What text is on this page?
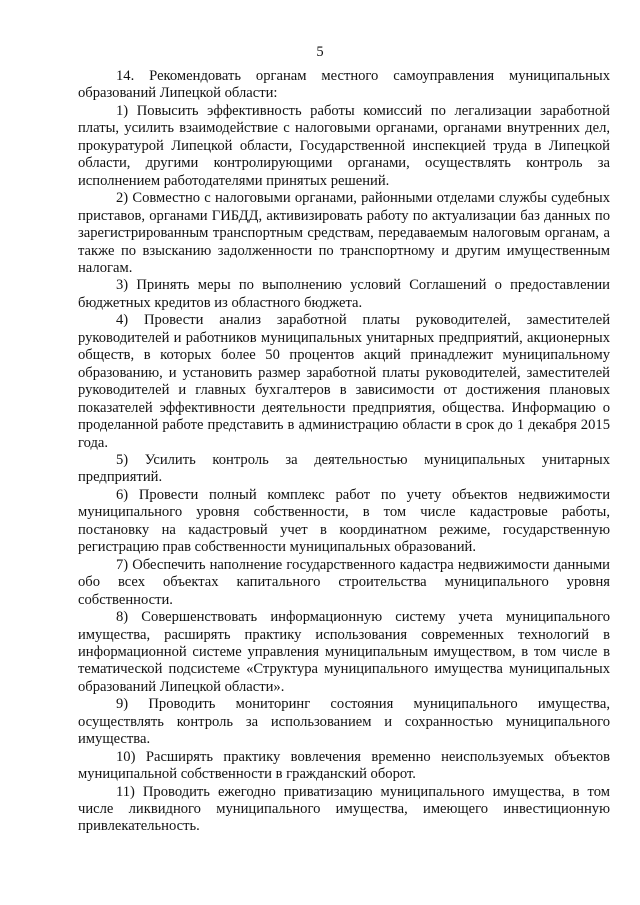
5

14. Рекомендовать органам местного самоуправления муниципальных образований Липецкой области:

1) Повысить эффективность работы комиссий по легализации заработной платы, усилить взаимодействие с налоговыми органами, органами внутренних дел, прокуратурой Липецкой области, Государственной инспекцией труда в Липецкой области, другими контролирующими органами, осуществлять контроль за исполнением работодателями принятых решений.

2) Совместно с налоговыми органами, районными отделами службы судебных приставов, органами ГИБДД, активизировать работу по актуализации баз данных по зарегистрированным транспортным средствам, передаваемым налоговым органам, а также по взысканию задолженности по транспортному и другим имущественным налогам.

3) Принять меры по выполнению условий Соглашений о предоставлении бюджетных кредитов из областного бюджета.

4) Провести анализ заработной платы руководителей, заместителей руководителей и работников муниципальных унитарных предприятий, акционерных обществ, в которых более 50 процентов акций принадлежит муниципальному образованию, и установить размер заработной платы руководителей, заместителей руководителей и главных бухгалтеров в зависимости от достижения плановых показателей эффективности деятельности предприятия, общества. Информацию о проделанной работе представить в администрацию области в срок до 1 декабря 2015 года.

5) Усилить контроль за деятельностью муниципальных унитарных предприятий.

6) Провести полный комплекс работ по учету объектов недвижимости муниципального уровня собственности, в том числе кадастровые работы, постановку на кадастровый учет в координатном режиме, государственную регистрацию прав собственности муниципальных образований.

7) Обеспечить наполнение государственного кадастра недвижимости данными обо всех объектах капитального строительства муниципального уровня собственности.

8) Совершенствовать информационную систему учета муниципального имущества, расширять практику использования современных технологий в информационной системе управления муниципальным имуществом, в том числе в тематической подсистеме «Структура муниципального имущества муниципальных образований Липецкой области».

9) Проводить мониторинг состояния муниципального имущества, осуществлять контроль за использованием и сохранностью муниципального имущества.

10) Расширять практику вовлечения временно неиспользуемых объектов муниципальной собственности в гражданский оборот.

11) Проводить ежегодно приватизацию муниципального имущества, в том числе ликвидного муниципального имущества, имеющего инвестиционную привлекательность.
